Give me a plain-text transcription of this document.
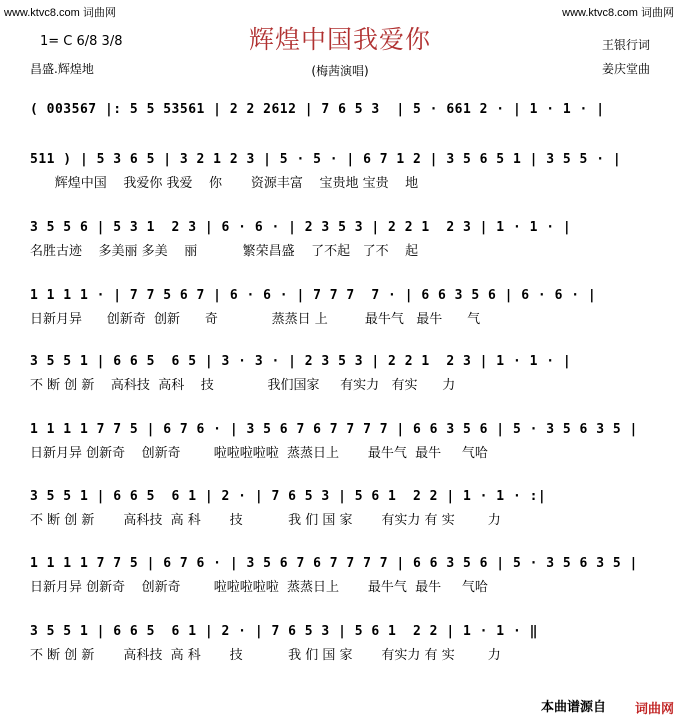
www.ktvc8.com 词曲网	www.ktvc8.com 词曲网
辉煌中国我爱你
1= C 6/8 3/8
昌盛.辉煌地	(梅茜演唱)
王银行词
姜庆堂曲
( 003567 |: 5 5 53561 | 2 2 2612 | 7 6 5 3  | 5 · 661 2 · | 1 · 1 · |
511 ) | 5 3 6 5 | 3 2 1 2 3 | 5 · 5 · | 6 7 1 2 | 3 5 6 5 1 | 3 5 5 · |
辉煌中国    我爱你 我爱    你       资源丰富    宝贵地 宝贵    地
3 5 5 6 | 5 3 1  2 3 | 6 · 6 · | 2 3 5 3 | 2 2 1  2 3 | 1 · 1 · |
名胜古迹    多美丽 多美    丽           繁荣昌盛    了不起   了不    起
1 1 1 1 · | 7 7 5 6 7 | 6 · 6 · | 7 7 7  7 · | 6 6 3 5 6 | 6 · 6 · |
日新月异      创新奇  创新      奇             蒸蒸日 上         最牛气   最牛      气
3 5 5 1 | 6 6 5  6 5 | 3 · 3 · | 2 3 5 3 | 2 2 1  2 3 | 1 · 1 · |
不 断 创 新    高科技  高科    技             我们国家     有实力   有实      力
1 1 1 1 7 7 5 | 6 7 6 · | 3 5 6 7 6 7 7 7 7 | 6 6 3 5 6 | 5 · 3 5 6 3 5 |
日新月异 创新奇    创新奇        啦啦啦啦啦  蒸蒸日上       最牛气  最牛     气哈
3 5 5 1 | 6 6 5  6 1 | 2 · | 7 6 5 3 | 5 6 1  2 2 | 1 · 1 · :|
不 断 创 新       高科技  高 科       技           我 们 国 家       有实力 有 实        力
1 1 1 1 7 7 5 | 6 7 6 · | 3 5 6 7 6 7 7 7 7 | 6 6 3 5 6 | 5 · 3 5 6 3 5 |
日新月异 创新奇    创新奇        啦啦啦啦啦  蒸蒸日上       最牛气  最牛     气哈
3 5 5 1 | 6 6 5  6 1 | 2 · | 7 6 5 3 | 5 6 1  2 2 | 1 · 1 · ‖
不 断 创 新       高科技  高 科       技           我 们 国 家       有实力 有 实        力
本曲谱源自 词曲网
